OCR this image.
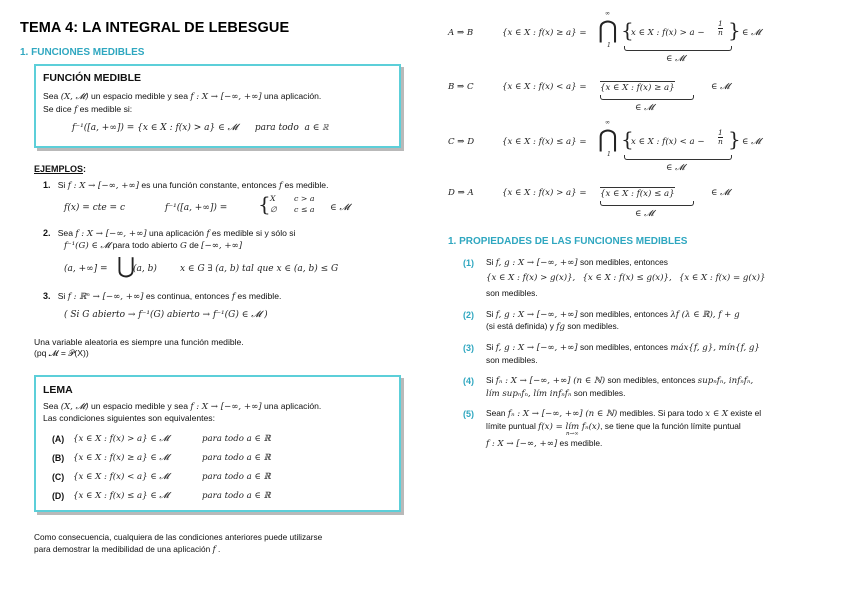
TEMA 4: LA INTEGRAL DE LEBESGUE
1. FUNCIONES MEDIBLES
FUNCIÓN MEDIBLE
Sea (X, 𝓜) un espacio medible y sea f : X → [−∞, +∞] una aplicación.
Se dice f es medible si:
f⁻¹([a, +∞]) = {x ∈ X : f(x) > a} ∈ 𝓜      para todo  a ∈ ℝ
EJEMPLOS:
1. Si f : X → [−∞, +∞] es una función constante, entonces f es medible.
f(x) = cte = c	f⁻¹([a, +∞]) = { X c > a
∅ c ≤ a ∈ 𝓜
2. Sea f : X → [−∞, +∞] una aplicación f es medible si y sólo si
f⁻¹(G) ∈ 𝓜 para todo abierto G de [−∞, +∞]
(a, +∞] = ⋃
(a, b)	x ∈ G ∃ (a, b) tal que x ∈ (a, b) ≤ G
3. Si f : ℝⁿ → [−∞, +∞] es continua, entonces f es medible.
( Si G abierto → f⁻¹(G) abierto → f⁻¹(G) ∈ 𝓜 )
Una variable aleatoria es siempre una función medible.
(pq 𝓜 = 𝒫(X))
LEMA
Sea (X, 𝓜) un espacio medible y sea f : X → [−∞, +∞] una aplicación.
Las condiciones siguientes son equivalentes:
(A) {x ∈ X : f(x) > a} ∈ 𝓜	para todo a ∈ ℝ
(B) {x ∈ X : f(x) ≥ a} ∈ 𝓜	para todo a ∈ ℝ
(C) {x ∈ X : f(x) < a} ∈ 𝓜	para todo a ∈ ℝ
(D) {x ∈ X : f(x) ≤ a} ∈ 𝓜	para todo a ∈ ℝ
Como consecuencia, cualquiera de las condiciones anteriores puede utilizarse
para demostrar la medibilidad de una aplicación f .
A ⇒ B	{x ∈ X : f(x) ≥ a} =
∞
⋂
1
{
x ∈ X : $f(x) > a - \frac{1}{n}$ } ∈ 𝓜
∈ 𝓜
B ⇒ C	{x ∈ X : f(x) < a} = {x ∈ X : f(x) ≥ a}	∈ 𝓜
∈ 𝓜
C ⇒ D	{x ∈ X : f(x) ≤ a} =
∞
⋂
1
{
x ∈ X : $f(x) < a - \frac{1}{n}$ } ∈ 𝓜
∈ 𝓜
D ⇒ A	{x ∈ X : f(x) > a} = {x ∈ X : f(x) ≤ a}	∈ 𝓜
∈ 𝓜
1. PROPIEDADES DE LAS FUNCIONES MEDIBLES
(1) Si f, g : X → [−∞, +∞] son medibles, entonces
{x ∈ X : f(x) > g(x)}, {x ∈ X : f(x) ≤ g(x)}, {x ∈ X : f(x) = g(x)}
son medibles.
(2) Si f, g : X → [−∞, +∞] son medibles, entonces λf (λ ∈ ℝ), f + g
(si está definida) y fg son medibles.
(3) Si f, g : X → [−∞, +∞] son medibles, entonces máx{f, g}, mín{f, g}
son medibles.
(4) Si fₙ : X → [−∞, +∞] (n ∈ ℕ) son medibles, entonces supₙfₙ, infₙfₙ,
lím supₙfₙ, lím infₙfₙ son medibles.
(5) Sean fₙ : X → [−∞, +∞] (n ∈ ℕ) medibles. Si para todo x ∈ X existe el
límite puntual f(x) = lím fₙ(x), se tiene que la función límite puntual
n→∞
f : X → [−∞, +∞] es medible.
